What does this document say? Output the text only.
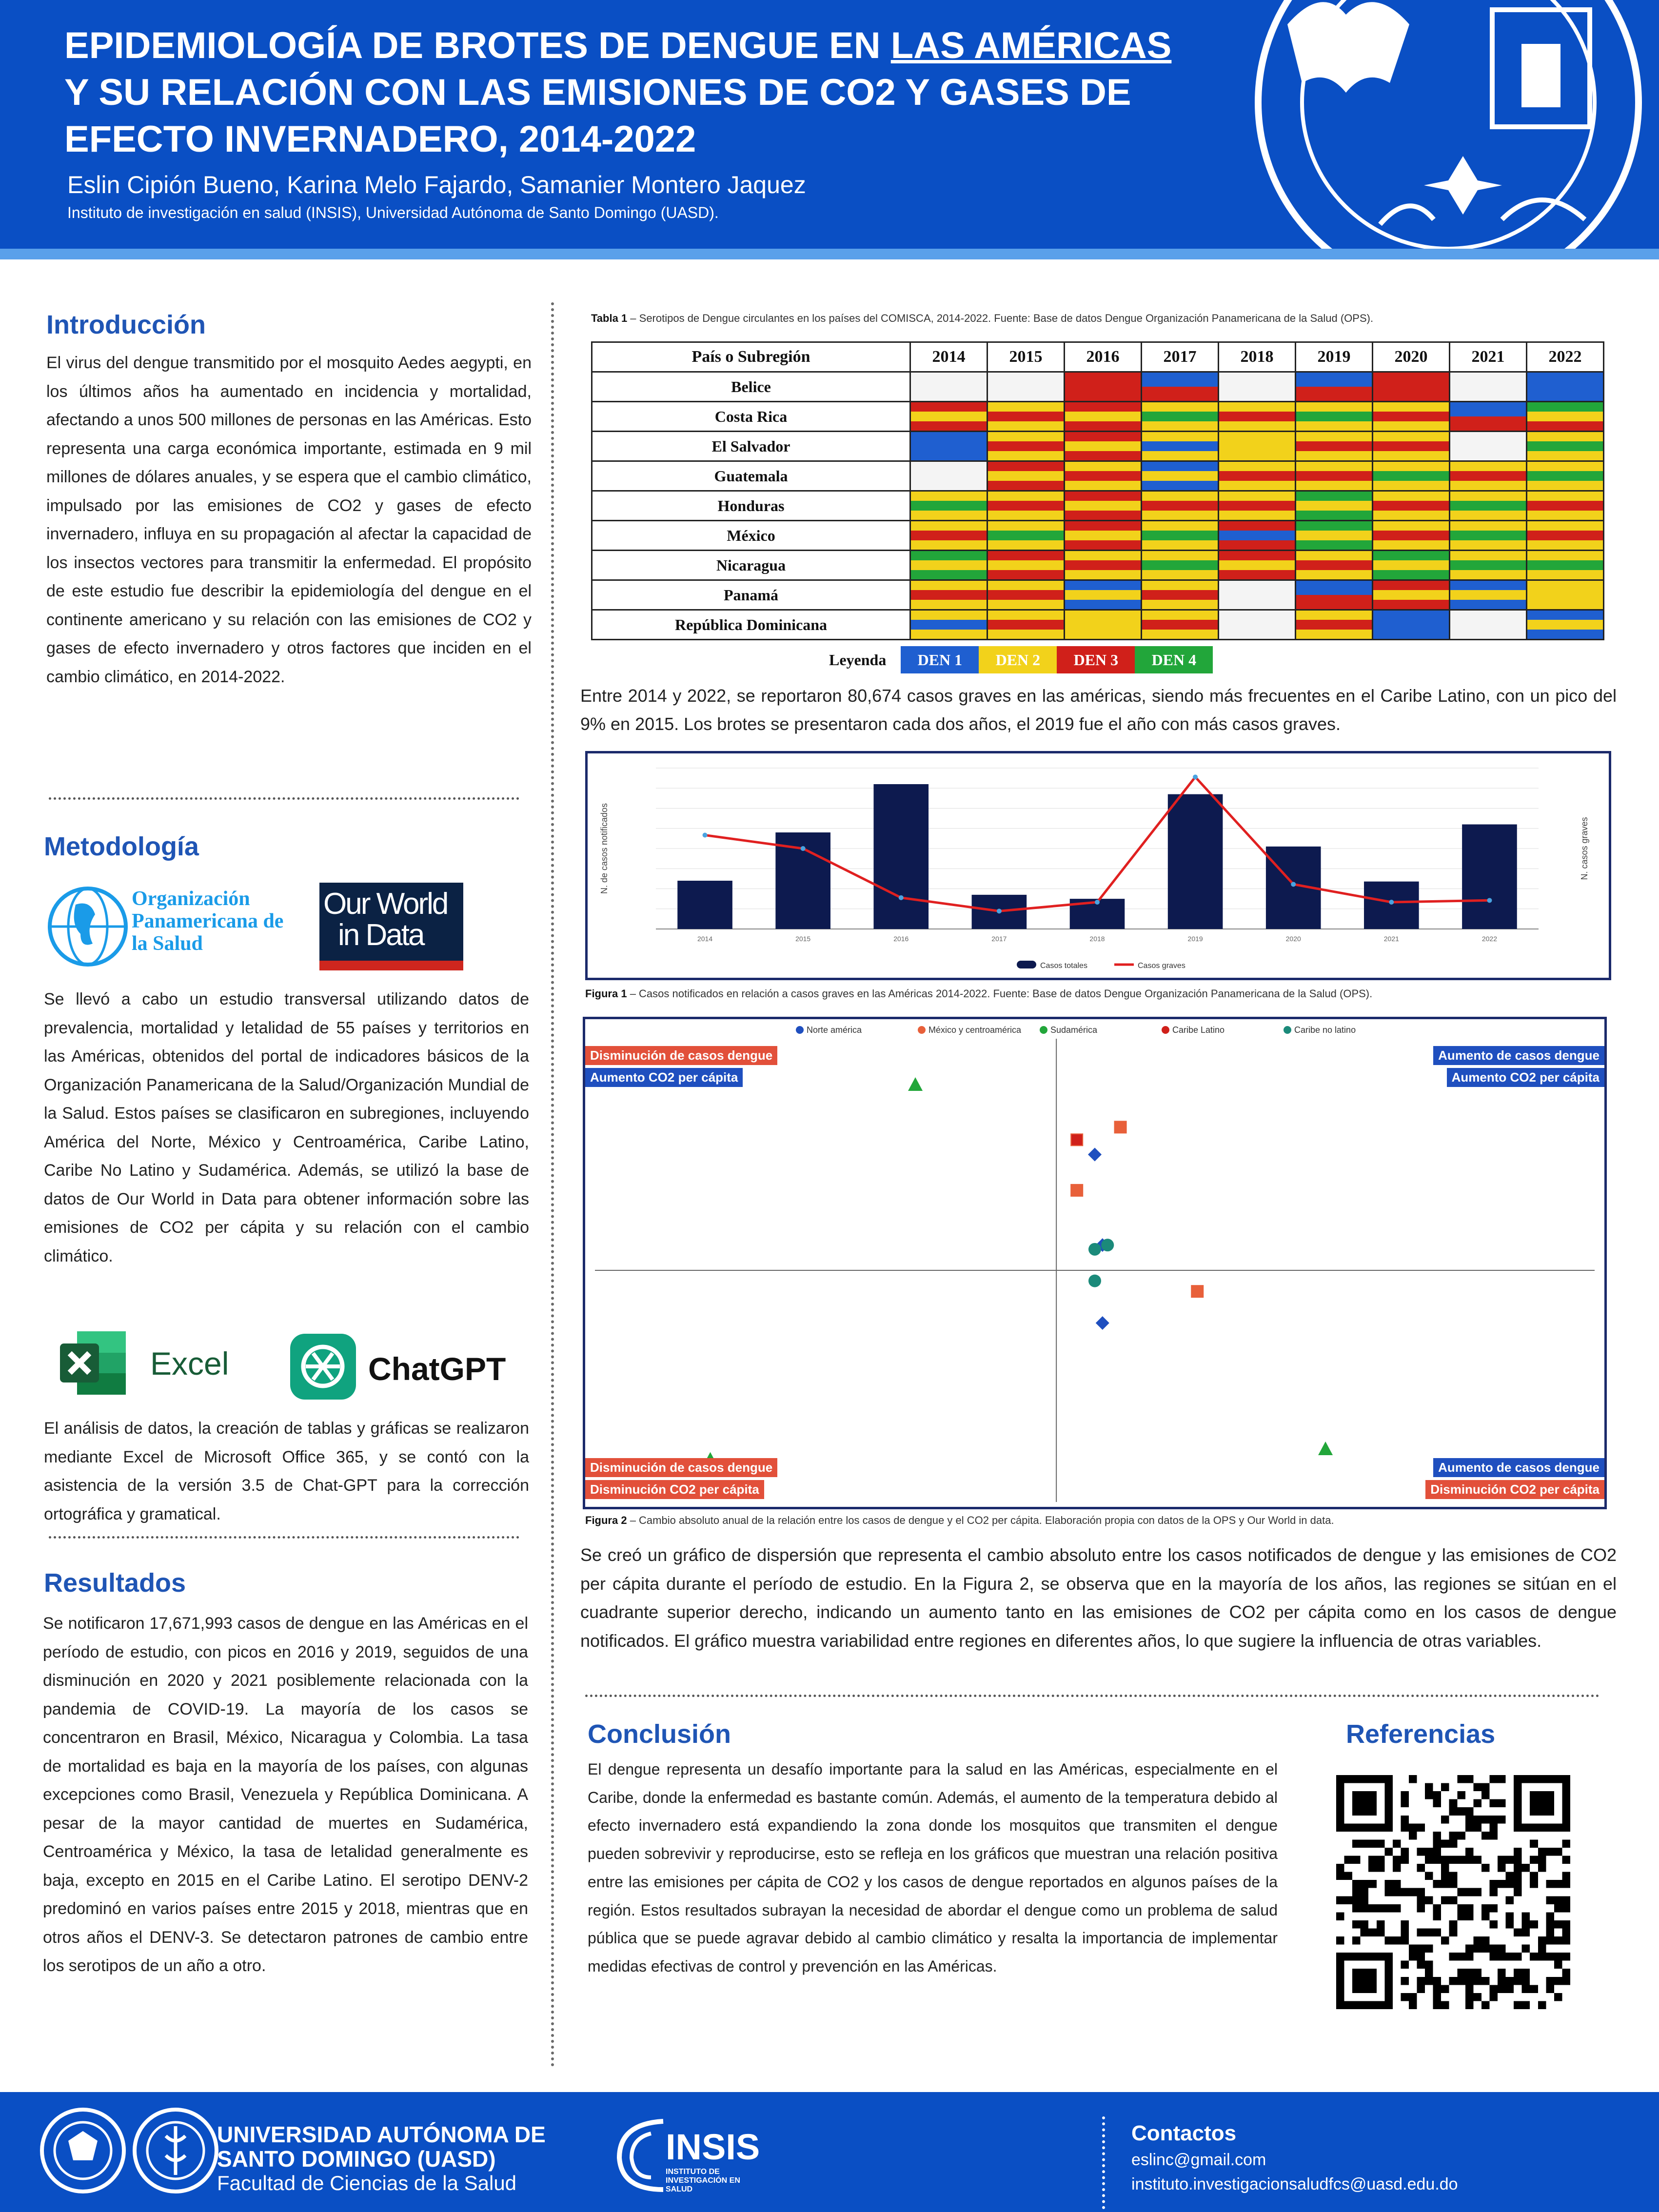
EPIDEMIOLOGÍA DE BROTES DE DENGUE EN LAS AMÉRICAS
Y SU RELACIÓN CON LAS EMISIONES DE CO2 Y GASES DE
EFECTO INVERNADERO, 2014-2022
Eslin Cipión Bueno, Karina Melo Fajardo, Samanier Montero Jaquez
Instituto de investigación en salud (INSIS), Universidad Autónoma de Santo Domingo (UASD).
Introducción
El virus del dengue transmitido por el mosquito Aedes aegypti, en los últimos años ha aumentado en incidencia y mortalidad, afectando a unos 500 millones de personas en las Américas. Esto representa una carga económica importante, estimada en 9 mil millones de dólares anuales, y se espera que el cambio climático, impulsado por las emisiones de CO2 y gases de efecto invernadero, influya en su propagación al afectar la capacidad de los insectos vectores para transmitir la enfermedad. El propósito de este estudio fue describir la epidemiología del dengue en el continente americano y su relación con las emisiones de CO2 y gases de efecto invernadero y otros factores que inciden en el cambio climático, en 2014-2022.
Metodología
Organización Panamericana de la Salud
Our World
in Data
Se llevó a cabo un estudio transversal utilizando datos de prevalencia, mortalidad y letalidad de 55 países y territorios en las Américas, obtenidos del portal de indicadores básicos de la Organización Panamericana de la Salud/Organización Mundial de la Salud. Estos países se clasificaron en subregiones, incluyendo América del Norte, México y Centroamérica, Caribe Latino, Caribe No Latino y Sudamérica. Además, se utilizó la base de datos de Our World in Data para obtener información sobre las emisiones de CO2 per cápita y su relación con el cambio climático.
Excel	ChatGPT
El análisis de datos, la creación de tablas y gráficas se realizaron mediante Excel de Microsoft Office 365, y se contó con la asistencia de la versión 3.5 de Chat-GPT para la corrección ortográfica y gramatical.
Resultados
Se notificaron 17,671,993 casos de dengue en las Américas en el período de estudio, con picos en 2016 y 2019, seguidos de una disminución en 2020 y 2021 posiblemente relacionada con la pandemia de COVID-19. La mayoría de los casos se concentraron en Brasil, México, Nicaragua y Colombia. La tasa de mortalidad es baja en la mayoría de los países, con algunas excepciones como Brasil, Venezuela y República Dominicana. A pesar de la mayor cantidad de muertes en Sudamérica, Centroamérica y México, la tasa de letalidad generalmente es baja, excepto en 2015 en el Caribe Latino. El serotipo DENV-2 predominó en varios países entre 2015 y 2018, mientras que en otros años el DENV-3. Se detectaron patrones de cambio entre los serotipos de un año a otro.
Tabla 1 – Serotipos de Dengue circulantes en los países del COMISCA, 2014-2022. Fuente: Base de datos Dengue Organización Panamericana de la Salud (OPS).
País o Subregión	2014	2015	2016	2017	2018	2019	2020	2021	2022
Belice	

Costa Rica	

El Salvador	

Guatemala	

Honduras	

México	

Nicaragua	

Panamá	

República Dominicana	

Leyenda	DEN 1	DEN 2	DEN 3	DEN 4
Entre 2014 y 2022, se reportaron 80,674 casos graves en las américas, siendo más frecuentes en el Caribe Latino, con un pico del 9% en 2015. Los brotes se presentaron cada dos años, el 2019 fue el año con más casos graves.
2014	2015	2016	2017	2018	2019	2020	2021	2022
N. de casos notificados	N. casos graves
Casos totales	Casos graves
Figura 1 – Casos notificados en relación a casos graves en las Américas 2014-2022. Fuente: Base de datos Dengue Organización Panamericana de la Salud (OPS).
Norte américa	México y centroamérica	Sudamérica	Caribe Latino	Caribe no latino
Disminución de casos dengue
Aumento CO2 per cápita
Aumento de casos dengue
Aumento CO2 per cápita
Disminución de casos dengue
Disminución CO2 per cápita
Aumento de casos dengue
Disminución CO2 per cápita
Figura 2 – Cambio absoluto anual de la relación entre los casos de dengue y el CO2 per cápita. Elaboración propia con datos de la OPS y Our World in data.
Se creó un gráfico de dispersión que representa el cambio absoluto entre los casos notificados de dengue y las emisiones de CO2 per cápita durante el período de estudio. En la Figura 2, se observa que en la mayoría de los años, las regiones se sitúan en el cuadrante superior derecho, indicando un aumento tanto en las emisiones de CO2 per cápita como en los casos de dengue notificados. El gráfico muestra variabilidad entre regiones en diferentes años, lo que sugiere la influencia de otras variables.
Conclusión
El dengue representa un desafío importante para la salud en las Américas, especialmente en el Caribe, donde la enfermedad es bastante común. Además, el aumento de la temperatura debido al efecto invernadero está expandiendo la zona donde los mosquitos que transmiten el dengue pueden sobrevivir y reproducirse, esto se refleja en los gráficos que muestran una relación positiva entre las emisiones per cápita de CO2 y los casos de dengue reportados en algunos países de la región. Estos resultados subrayan la necesidad de abordar el dengue como un problema de salud pública que se puede agravar debido al cambio climático y resalta la importancia de implementar medidas efectivas de control y prevención en las Américas.
Referencias
UNIVERSIDAD AUTÓNOMA DE
SANTO DOMINGO (UASD)
Facultad de Ciencias de la Salud
INSIS
INSTITUTO DE INVESTIGACIÓN EN SALUD
Contactos
eslinc@gmail.com
instituto.investigacionsaludfcs@uasd.edu.do
